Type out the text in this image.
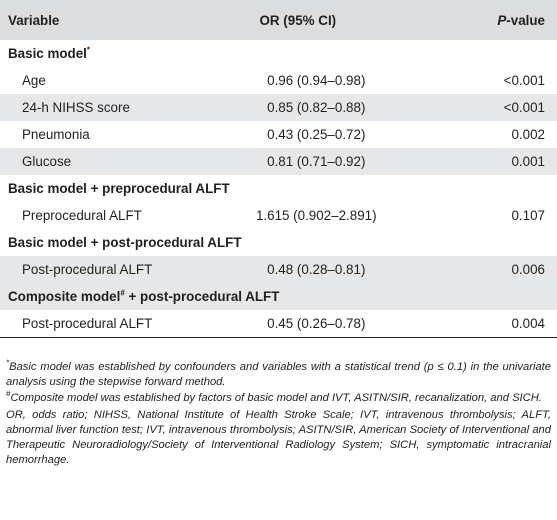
Variable	OR (95% CI)	P-value
Basic model*
Age	0.96 (0.94–0.98)	<0.001
24-h NIHSS score	0.85 (0.82–0.88)	<0.001
Pneumonia	0.43 (0.25–0.72)	0.002
Glucose	0.81 (0.71–0.92)	0.001
Basic model + preprocedural ALFT		
Preprocedural ALFT	1.615 (0.902–2.891)	0.107
Basic model + post-procedural ALFT		
Post-procedural ALFT	0.48 (0.28–0.81)	0.006
Composite model# + post-procedural ALFT		
Post-procedural ALFT	0.45 (0.26–0.78)	0.004

*Basic model was established by confounders and variables with a statistical trend (p ≤ 0.1) in the univariate analysis using the stepwise forward method.

#Composite model was established by factors of basic model and IVT, ASITN/SIR, recanalization, and SICH.

OR, odds ratio; NIHSS, National Institute of Health Stroke Scale; IVT, intravenous thrombolysis; ALFT, abnormal liver function test; IVT, intravenous thrombolysis; ASITN/SIR, American Society of Interventional and Therapeutic Neuroradiology/Society of Interventional Radiology System; SICH, symptomatic intracranial hemorrhage.
